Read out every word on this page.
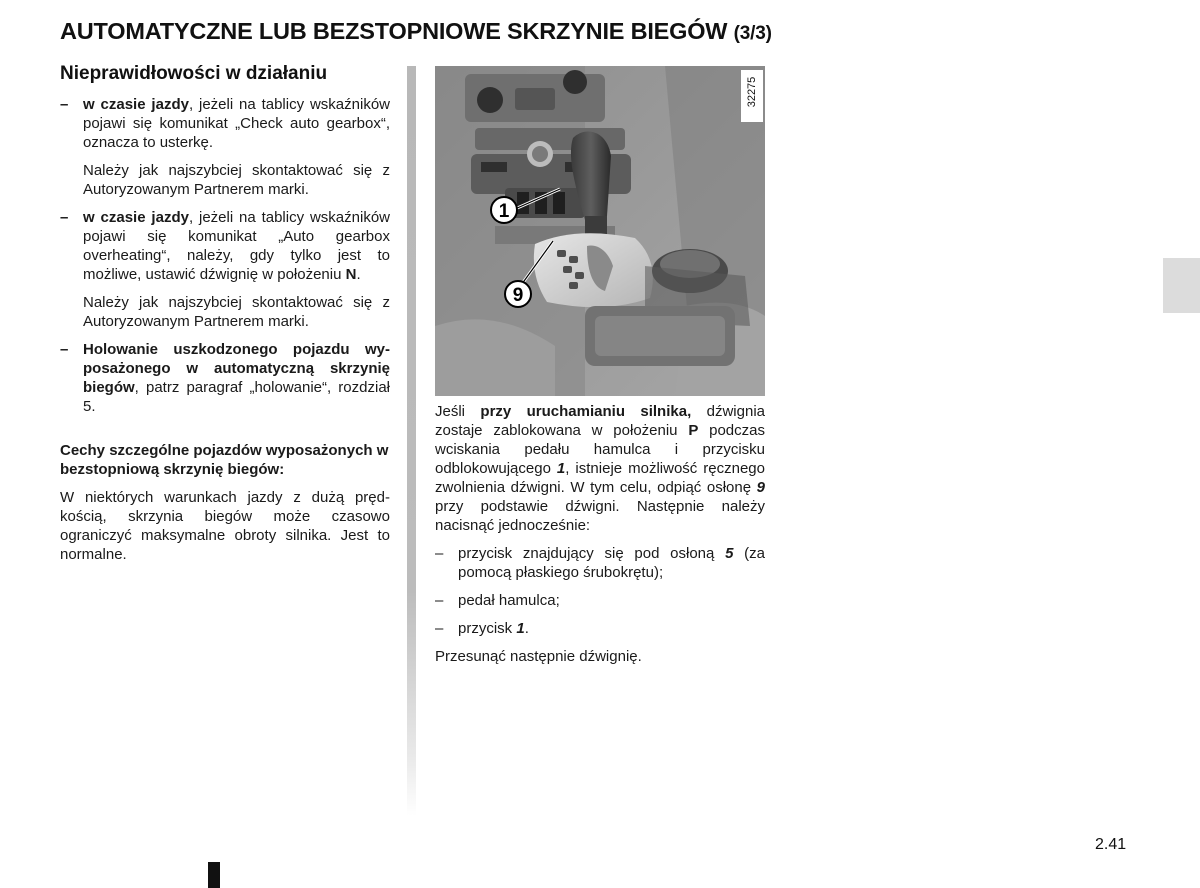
AUTOMATYCZNE LUB BEZSTOPNIOWE SKRZYNIE BIEGÓW (3/3)
Nieprawidłowości w działaniu
– w czasie jazdy, jeżeli na tablicy wskaźników pojawi się komunikat „Check auto gearbox“, oznacza to usterkę.
Należy jak najszybciej skontaktować się z Autoryzowanym Partnerem marki.
– w czasie jazdy, jeżeli na tablicy wskaźników pojawi się komunikat „Auto gearbox overheating“, należy, gdy tylko jest to możliwe, ustawić dźwignię w położeniu N.
Należy jak najszybciej skontaktować się z Autoryzowanym Partnerem marki.
– Holowanie uszkodzonego pojazdu wyposażonego w automatyczną skrzynię biegów, patrz paragraf „holowanie“, rozdział 5.
Cechy szczególne pojazdów wyposażonych w bezstopniową skrzynię biegów:

W niektórych warunkach jazdy z dużą prędkością, skrzynia biegów może czasowo ograniczyć maksymalne obroty silnika. Jest to normalne.

1
9
32275

Jeśli przy uruchamianiu silnika, dźwignia zostaje zablokowana w położeniu P podczas wciskania pedału hamulca i przycisku odblokowującego 1, istnieje możliwość ręcznego zwolnienia dźwigni. W tym celu, odpiąć osłonę 9 przy podstawie dźwigni. Następnie należy nacisnąć jednocześnie:

– przycisk znajdujący się pod osłoną 5 (za pomocą płaskiego śrubokrętu);
– pedał hamulca;
– przycisk 1.

Przesunąć następnie dźwignię.

2.41
